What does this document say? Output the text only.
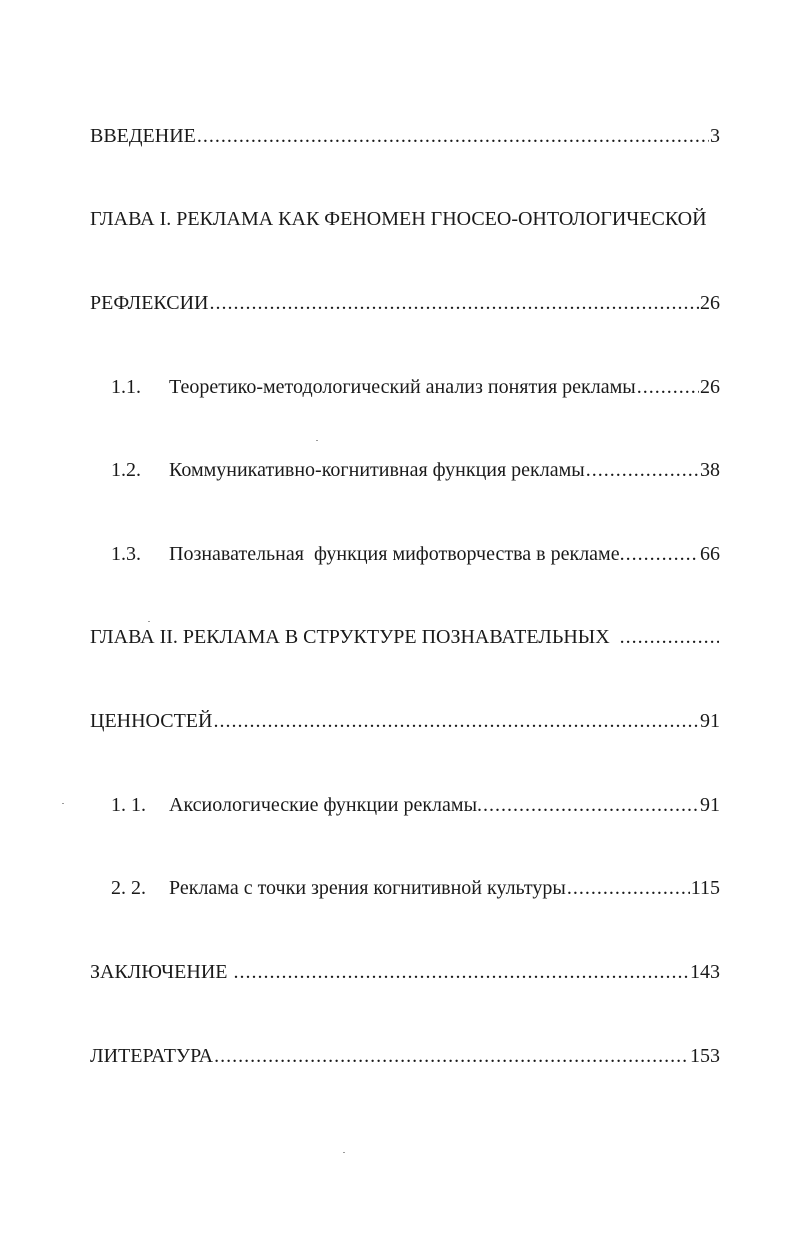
ВВЕДЕНИЕ .....	3
ГЛАВА I. РЕКЛАМА КАК ФЕНОМЕН ГНОСЕО-ОНТОЛОГИЧЕСКОЙ
РЕФЛЕКСИИ .....	26
1.1.	Теоретико-методологический анализ понятия рекламы .....	26
1.2.	Коммуникативно-когнитивная функция рекламы .....	38
1.3.	Познавательная  функция мифотворчества в рекламе. .....	66
ГЛАВА II. РЕКЛАМА В СТРУКТУРЕ ПОЗНАВАТЕЛЬНЫХ
.....
ЦЕННОСТЕЙ .....	91
1. 1.	Аксиологические функции рекламы. .....	91
2. 2.	Реклама с точки зрения когнитивной культуры .....	115
ЗАКЛЮЧЕНИЕ .....	143
ЛИТЕРАТУРА .....	153
